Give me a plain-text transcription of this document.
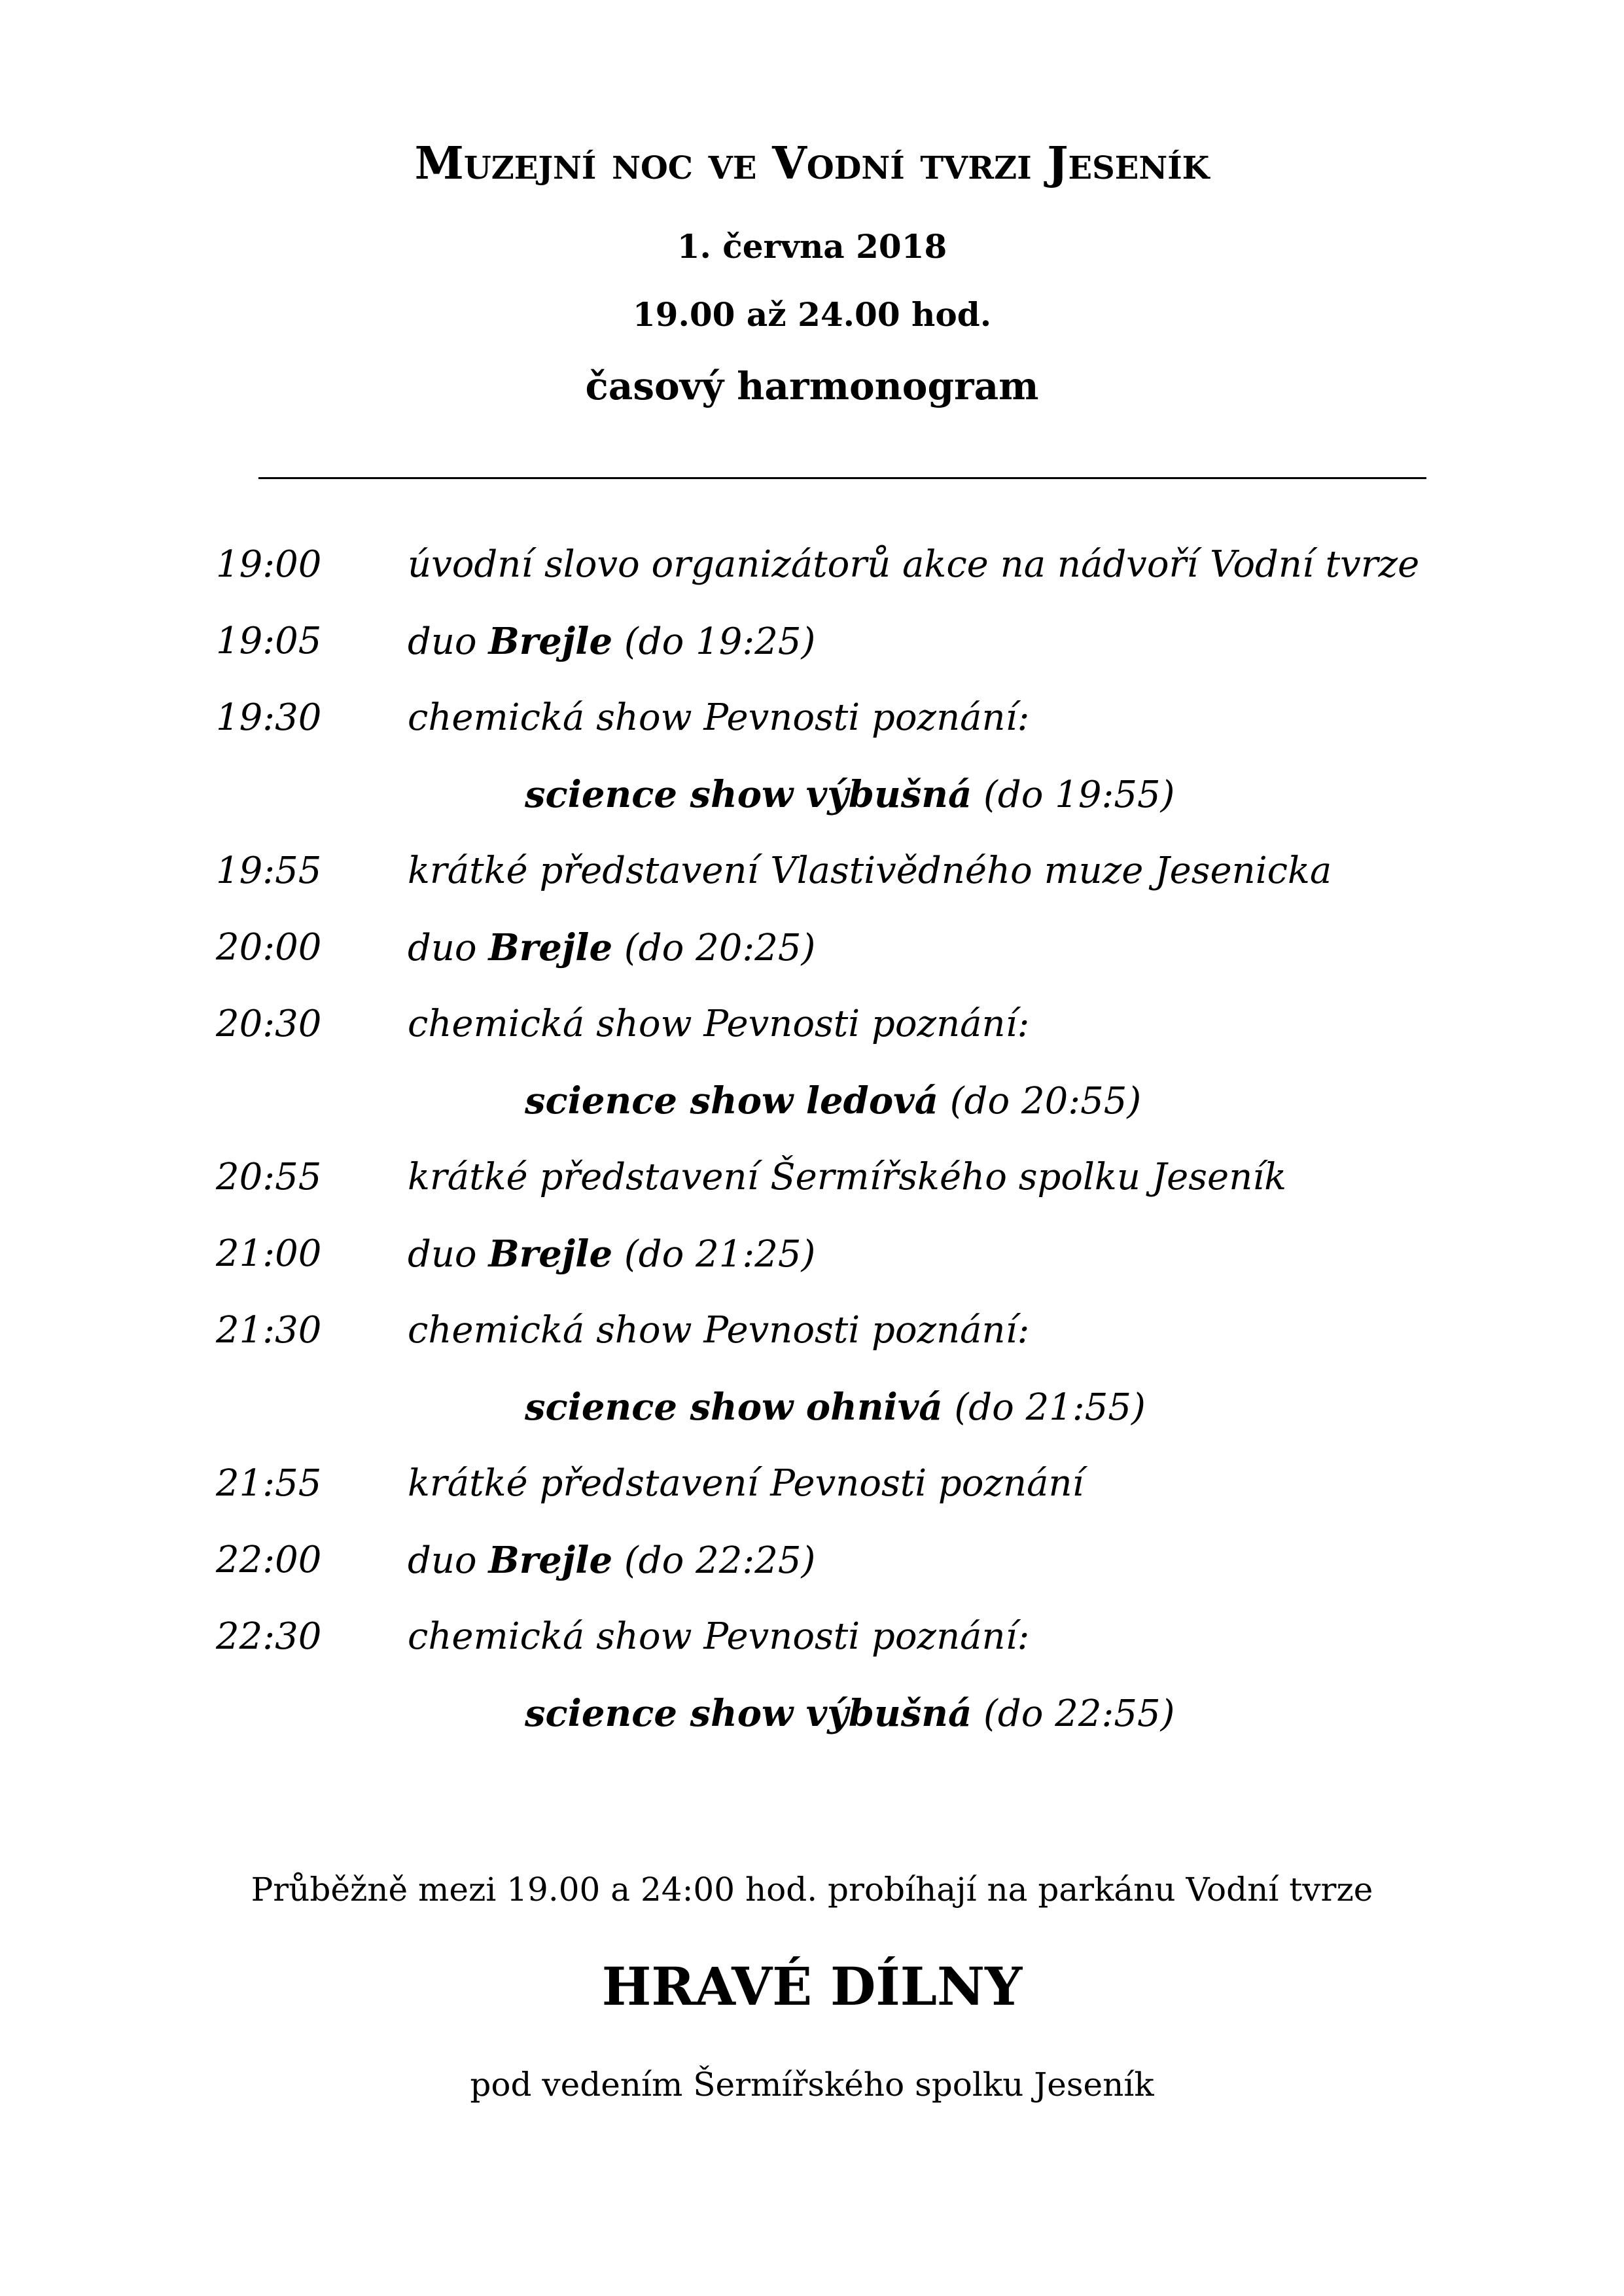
Muzejní noc ve Vodní tvrzi Jeseník
1. června 2018
19.00 až 24.00 hod.
časový harmonogram
19:00 úvodní slovo organizátorů akce na nádvoří Vodní tvrze
19:05 duo Brejle (do 19:25)
19:30 chemická show Pevnosti poznání:
science show výbušná (do 19:55)
19:55 krátké představení Vlastivědného muze Jesenicka
20:00 duo Brejle (do 20:25)
20:30 chemická show Pevnosti poznání:
science show ledová (do 20:55)
20:55 krátké představení Šermířského spolku Jeseník
21:00 duo Brejle (do 21:25)
21:30 chemická show Pevnosti poznání:
science show ohnivá (do 21:55)
21:55 krátké představení Pevnosti poznání
22:00 duo Brejle (do 22:25)
22:30 chemická show Pevnosti poznání:
science show výbušná (do 22:55)
Průběžně mezi 19.00 a 24:00 hod. probíhají na parkánu Vodní tvrze
HRAVÉ DÍLNY
pod vedením Šermířského spolku Jeseník
